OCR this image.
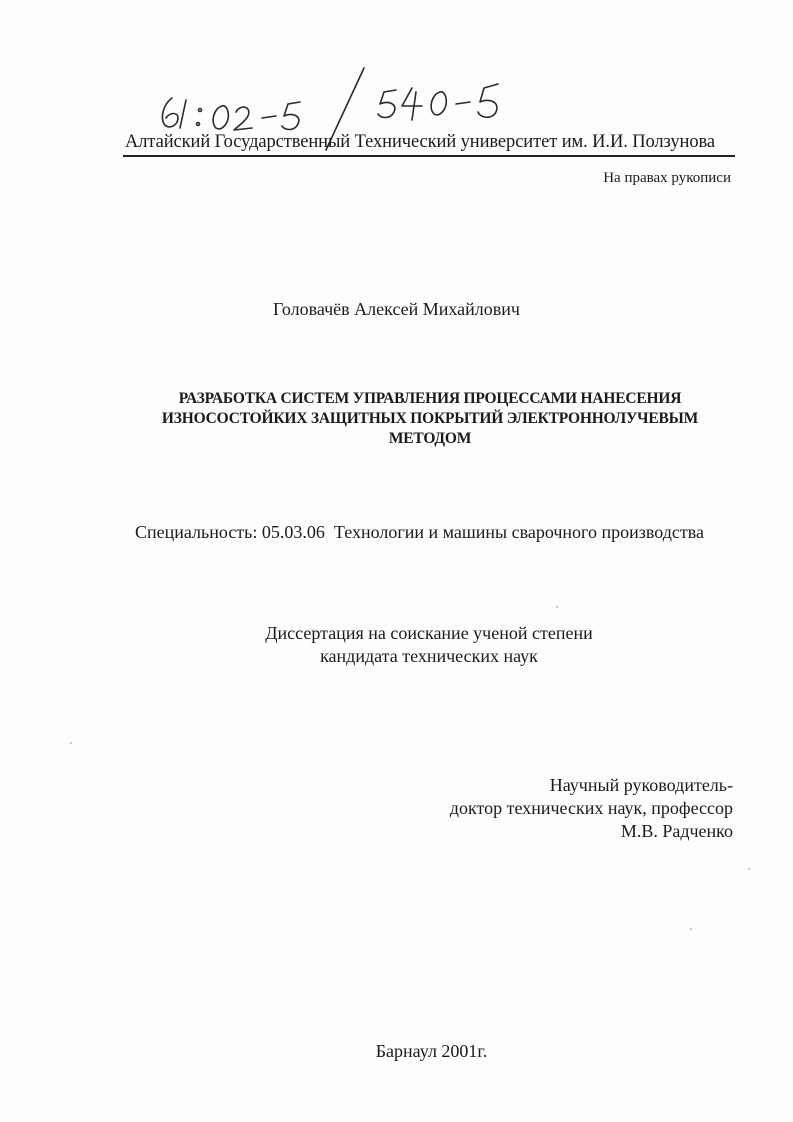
Алтайский Государственный Технический университет им. И.И. Ползунова
На правах рукописи
Головачёв Алексей Михайлович
РАЗРАБОТКА СИСТЕМ УПРАВЛЕНИЯ ПРОЦЕССАМИ НАНЕСЕНИЯ
ИЗНОСОСТОЙКИХ ЗАЩИТНЫХ ПОКРЫТИЙ ЭЛЕКТРОННОЛУЧЕВЫМ
МЕТОДОМ
Специальность: 05.03.06  Технологии и машины сварочного производства
Диссертация на соискание ученой степени
кандидата технических наук
Научный руководитель-
доктор технических наук, профессор
М.В. Радченко
Барнаул 2001г.
